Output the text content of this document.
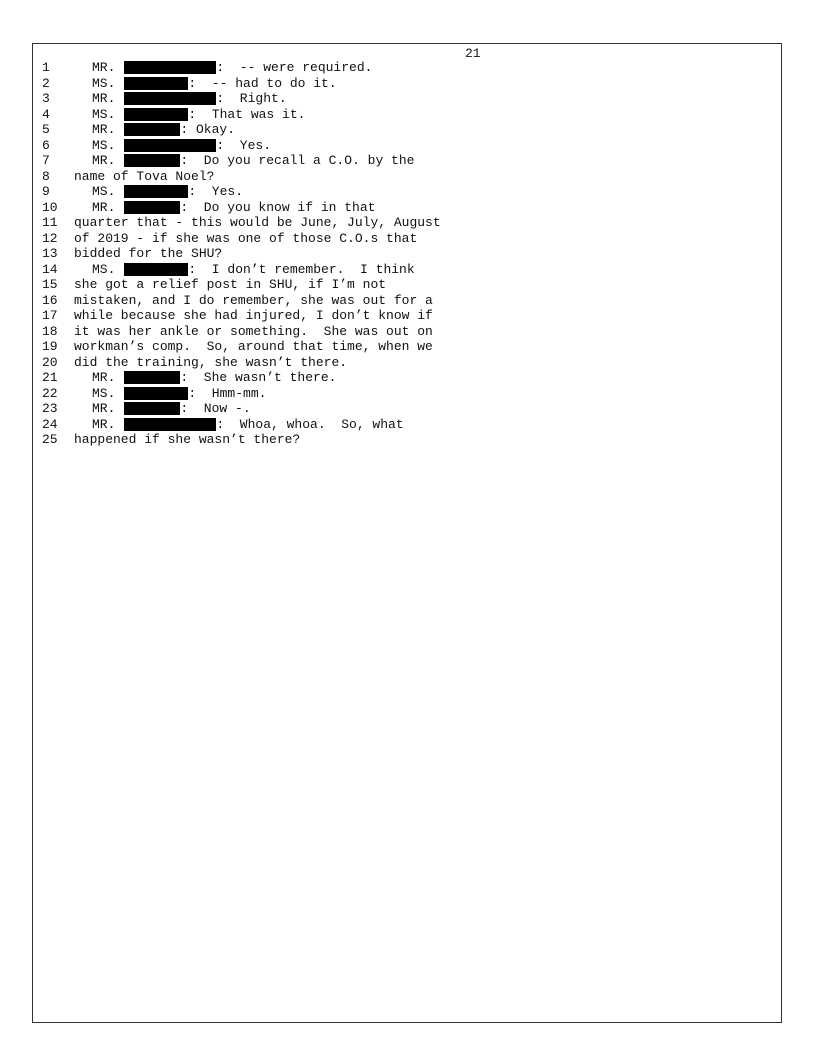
21
1	MR.	:  -- were required.
2	MS.	:  -- had to do it.
3	MR.	:  Right.
4	MS.	:  That was it.
5	MR.	: Okay.
6	MS.	:  Yes.
7	MR.	:  Do you recall a C.O. by the
8	name of Tova Noel?
9	MS.	:  Yes.
10	MR.	:  Do you know if in that
11	quarter that - this would be June, July, August
12	of 2019 - if she was one of those C.O.s that
13	bidded for the SHU?
14	MS.	:  I don’t remember.  I think
15	she got a relief post in SHU, if I’m not
16	mistaken, and I do remember, she was out for a
17	while because she had injured, I don’t know if
18	it was her ankle or something.  She was out on
19	workman’s comp.  So, around that time, when we
20	did the training, she wasn’t there.
21	MR.	:  She wasn’t there.
22	MS.	:  Hmm-mm.
23	MR.	:  Now -.
24	MR.	:  Whoa, whoa.  So, what
25	happened if she wasn’t there?
